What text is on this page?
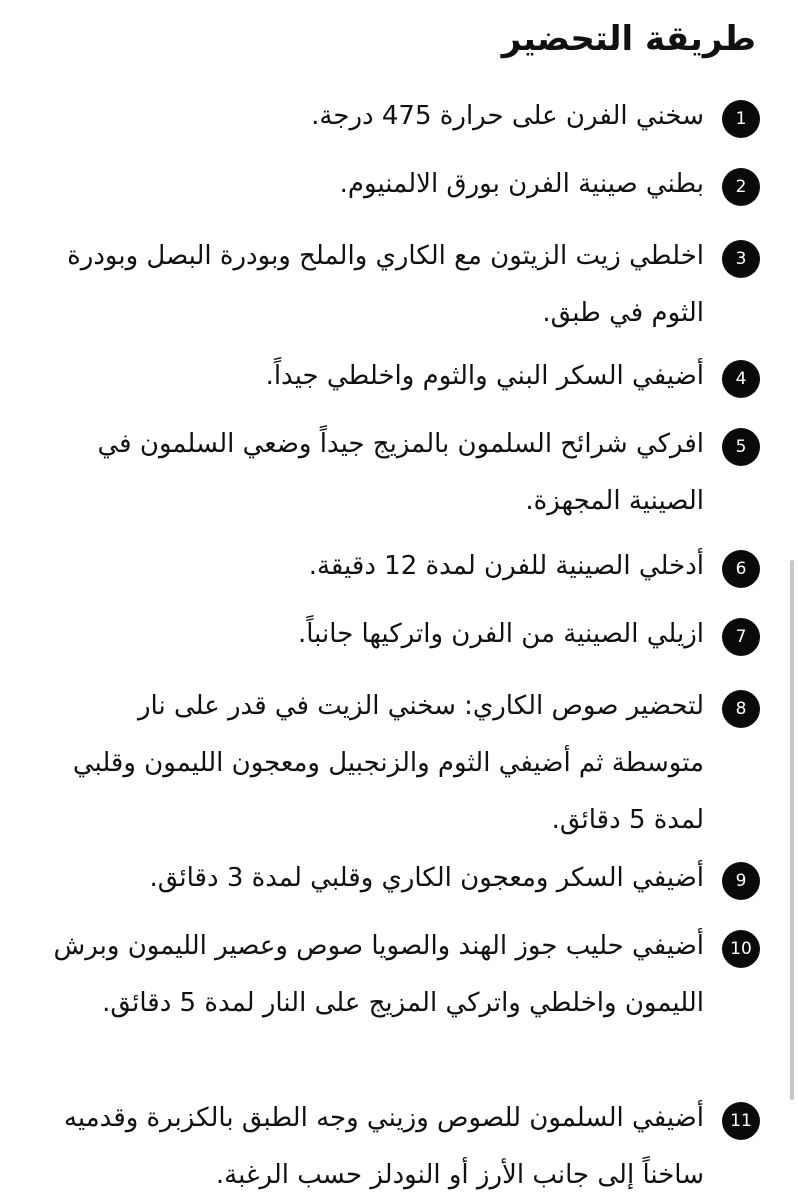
طريقة التحضير
1
سخني الفرن على حرارة 475 درجة.
2
بطني صينية الفرن بورق الالمنيوم.
3
اخلطي زيت الزيتون مع الكاري والملح وبودرة البصل وبودرة الثوم في طبق.
4
أضيفي السكر البني والثوم واخلطي جيداً.
5
افركي شرائح السلمون بالمزيج جيداً وضعي السلمون في الصينية المجهزة.
6
أدخلي الصينية للفرن لمدة 12 دقيقة.
7
ازيلي الصينية من الفرن واتركيها جانباً.
8
لتحضير صوص الكاري: سخني الزيت في قدر على نار متوسطة ثم أضيفي الثوم والزنجبيل ومعجون الليمون وقلبي لمدة 5 دقائق.
9
أضيفي السكر ومعجون الكاري وقلبي لمدة 3 دقائق.
10
أضيفي حليب جوز الهند والصويا صوص وعصير الليمون وبرش الليمون واخلطي واتركي المزيج على النار لمدة 5 دقائق.
11
أضيفي السلمون للصوص وزيني وجه الطبق بالكزبرة وقدميه ساخناً إلى جانب الأرز أو النودلز حسب الرغبة.
